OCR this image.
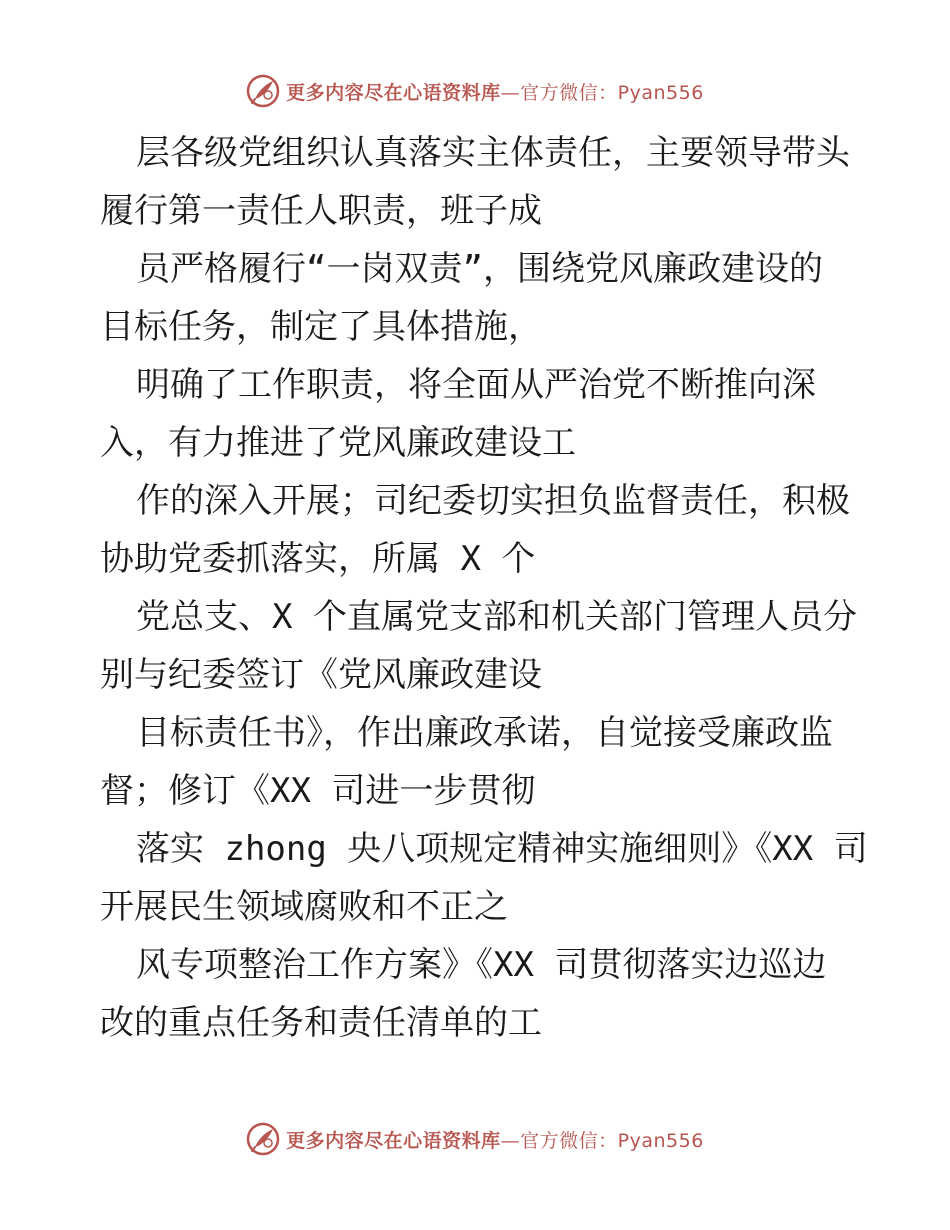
更多内容尽在心语资料库—官方微信：Pyan556
层各级党组织认真落实主体责任，主要领导带头
履行第一责任人职责，班子成
员严格履行“一岗双责”，围绕党风廉政建设的
目标任务，制定了具体措施，
明确了工作职责，将全面从严治党不断推向深
入，有力推进了党风廉政建设工
作的深入开展；司纪委切实担负监督责任，积极
协助党委抓落实，所属 X 个
党总支、X 个直属党支部和机关部门管理人员分
别与纪委签订《党风廉政建设
目标责任书》，作出廉政承诺，自觉接受廉政监
督；修订《XX 司进一步贯彻
落实 zhong 央八项规定精神实施细则》《XX 司
开展民生领域腐败和不正之
风专项整治工作方案》《XX 司贯彻落实边巡边
改的重点任务和责任清单的工
更多内容尽在心语资料库—官方微信：Pyan556
